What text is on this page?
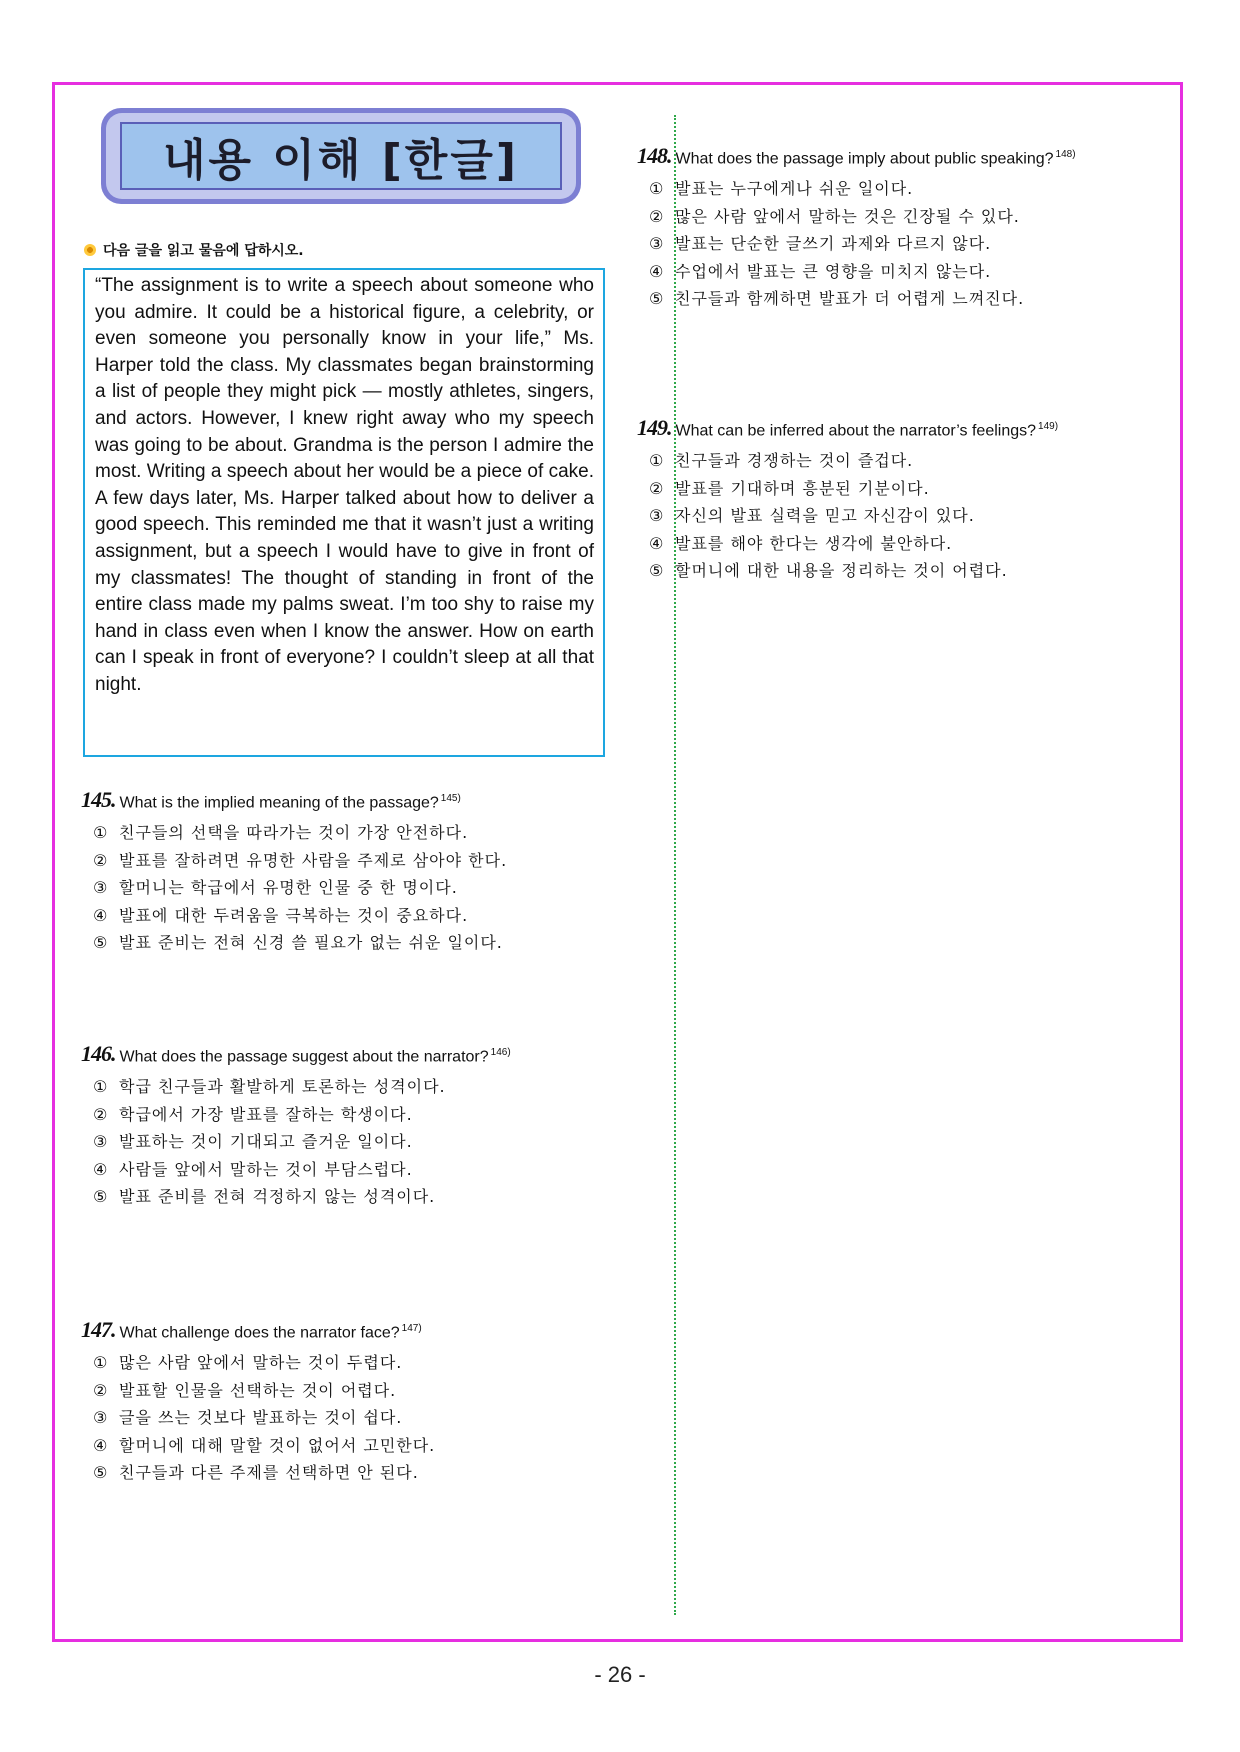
내용 이해 [한글]
다음 글을 읽고 물음에 답하시오.
“The assignment is to write a speech about someone who you admire. It could be a historical figure, a celebrity, or even someone you personally know in your life,” Ms. Harper told the class. My classmates began brainstorming a list of people they might pick — mostly athletes, singers, and actors. However, I knew right away who my speech was going to be about. Grandma is the person I admire the most. Writing a speech about her would be a piece of cake. A few days later, Ms. Harper talked about how to deliver a good speech. This reminded me that it wasn’t just a writing assignment, but a speech I would have to give in front of my classmates! The thought of standing in front of the entire class made my palms sweat. I’m too shy to raise my hand in class even when I know the answer. How on earth can I speak in front of everyone? I couldn’t sleep at all that night.
145. What is the implied meaning of the passage? $^{145)}$
① 친구들의 선택을 따라가는 것이 가장 안전하다.
② 발표를 잘하려면 유명한 사람을 주제로 삼아야 한다.
③ 할머니는 학급에서 유명한 인물 중 한 명이다.
④ 발표에 대한 두려움을 극복하는 것이 중요하다.
⑤ 발표 준비는 전혀 신경 쓸 필요가 없는 쉬운 일이다.
146. What does the passage suggest about the narrator? $^{146)}$
① 학급 친구들과 활발하게 토론하는 성격이다.
② 학급에서 가장 발표를 잘하는 학생이다.
③ 발표하는 것이 기대되고 즐거운 일이다.
④ 사람들 앞에서 말하는 것이 부담스럽다.
⑤ 발표 준비를 전혀 걱정하지 않는 성격이다.
147. What challenge does the narrator face? $^{147)}$
① 많은 사람 앞에서 말하는 것이 두렵다.
② 발표할 인물을 선택하는 것이 어렵다.
③ 글을 쓰는 것보다 발표하는 것이 쉽다.
④ 할머니에 대해 말할 것이 없어서 고민한다.
⑤ 친구들과 다른 주제를 선택하면 안 된다.
148. What does the passage imply about public speaking? $^{148)}$
① 발표는 누구에게나 쉬운 일이다.
② 많은 사람 앞에서 말하는 것은 긴장될 수 있다.
③ 발표는 단순한 글쓰기 과제와 다르지 않다.
④ 수업에서 발표는 큰 영향을 미치지 않는다.
⑤ 친구들과 함께하면 발표가 더 어렵게 느껴진다.
149. What can be inferred about the narrator’s feelings? $^{149)}$
① 친구들과 경쟁하는 것이 즐겁다.
② 발표를 기대하며 흥분된 기분이다.
③ 자신의 발표 실력을 믿고 자신감이 있다.
④ 발표를 해야 한다는 생각에 불안하다.
⑤ 할머니에 대한 내용을 정리하는 것이 어렵다.
- 26 -
